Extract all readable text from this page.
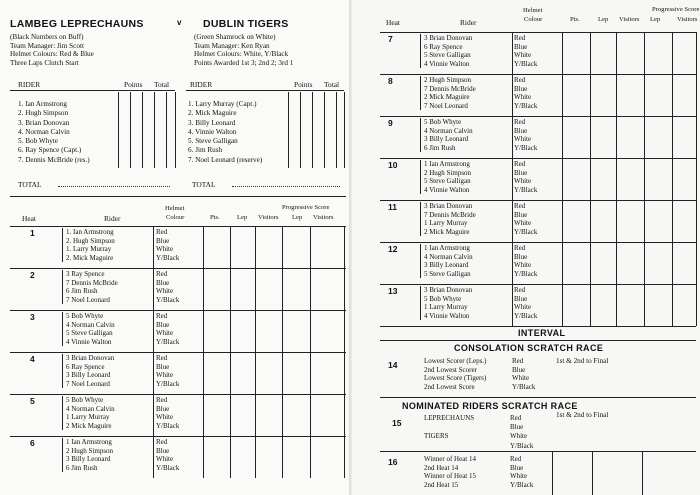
LAMBEG LEPRECHAUNS	v DUBLIN TIGERS
(Black Numbers on Buff)
Team Manager: Jim Scott
Helmet Colours: Red & Blue
Three Laps Clutch Start
(Green Shamrock on White)
Team Manager: Ken Ryan
Helmet Colours: White, Y/Black
Points Awarded 1st 3; 2nd 2; 3rd 1
RIDER	Points Total	RIDER	Points Total
1. Ian Armstrong
2. Hugh Simpson
3. Brian Donovan
4. Norman Calvin
5. Bob Whyte
6. Ray Spence (Capt.)
7. Dennis McBride (res.)
1. Larry Murray (Capt.)
2. Mick Maguire
3. Billy Leonard
4. Vinnie Walton
5. Steve Galligan
6. Jim Rush
7. Noel Leonard (reserve)
TOTAL	TOTAL
Heat	Rider
Helmet
Colour	Pts.	Lep Visitors
Progressive Score
Lep Visitors
1	1. Ian Armstrong
2. Hugh Simpson
1. Larry Murray
2. Mick Maguire
Red
Blue
White
Y/Black
2	3 Ray Spence
7 Dennis McBride
6 Jim Rush
7 Noel Leonard
Red
Blue
White
Y/Black
3	5 Bob Whyte
4 Norman Calvin
5 Steve Galligan
4 Vinnie Walton
Red
Blue
White
Y/Black
4	3 Brian Donovan
6 Ray Spence
3 Billy Leonard
7 Noel Leonard
Red
Blue
White
Y/Black
5	5 Bob Whyte
4 Norman Calvin
1 Larry Murray
2 Mick Maguire
Red
Blue
White
Y/Black
6	1 Ian Armstrong
2 Hugh Simpson
3 Billy Leonard
6 Jim Rush
Red
Blue
White
Y/Black
Heat	Rider
Helmet
Colour	Pts.	Lep Visitors
Progressive Score
Lep	Visitors
7	3 Brian Donovan
6 Ray Spence
5 Steve Galligan
4 Vinnie Walton
Red
Blue
White
Y/Black
8	2 Hugh Simpson
7 Dennis McBride
2 Mick Maguire
7 Noel Leonard
Red
Blue
White
Y/Black
9	5 Bob Whyte
4 Norman Calvin
3 Billy Leonard
6 Jim Rush
Red
Blue
White
Y/Black
10	1 Ian Armstrong
2 Hugh Simpson
5 Steve Galligan
4 Vinnie Walton
Red
Blue
White
Y/Black
11	3 Brian Donovan
7 Dennis McBride
1 Larry Murray
2 Mick Maguire
Red
Blue
White
Y/Black
12	1 Ian Armstrong
4 Norman Calvin
3 Billy Leonard
5 Steve Galligan
Red
Blue
White
Y/Black
13	3 Brian Donovan
5 Bob Whyte
1 Larry Murray
4 Vinnie Walton
Red
Blue
White
Y/Black
INTERVAL
CONSOLATION SCRATCH RACE
14	Lowest Scorer (Leps.)
2nd Lowest Scorer
Lowest Score (Tigers)
2nd Lowest Score
Red
Blue
White
Y/Black
1st & 2nd to Final
NOMINATED RIDERS SCRATCH RACE
15	LEPRECHAUNS
TIGERS
Red
Blue
White
Y/Black
1st & 2nd to Final
16	Winner of Heat 14
2nd Heat 14
Winner of Heat 15
2nd Heat 15
Red
Blue
White
Y/Black
